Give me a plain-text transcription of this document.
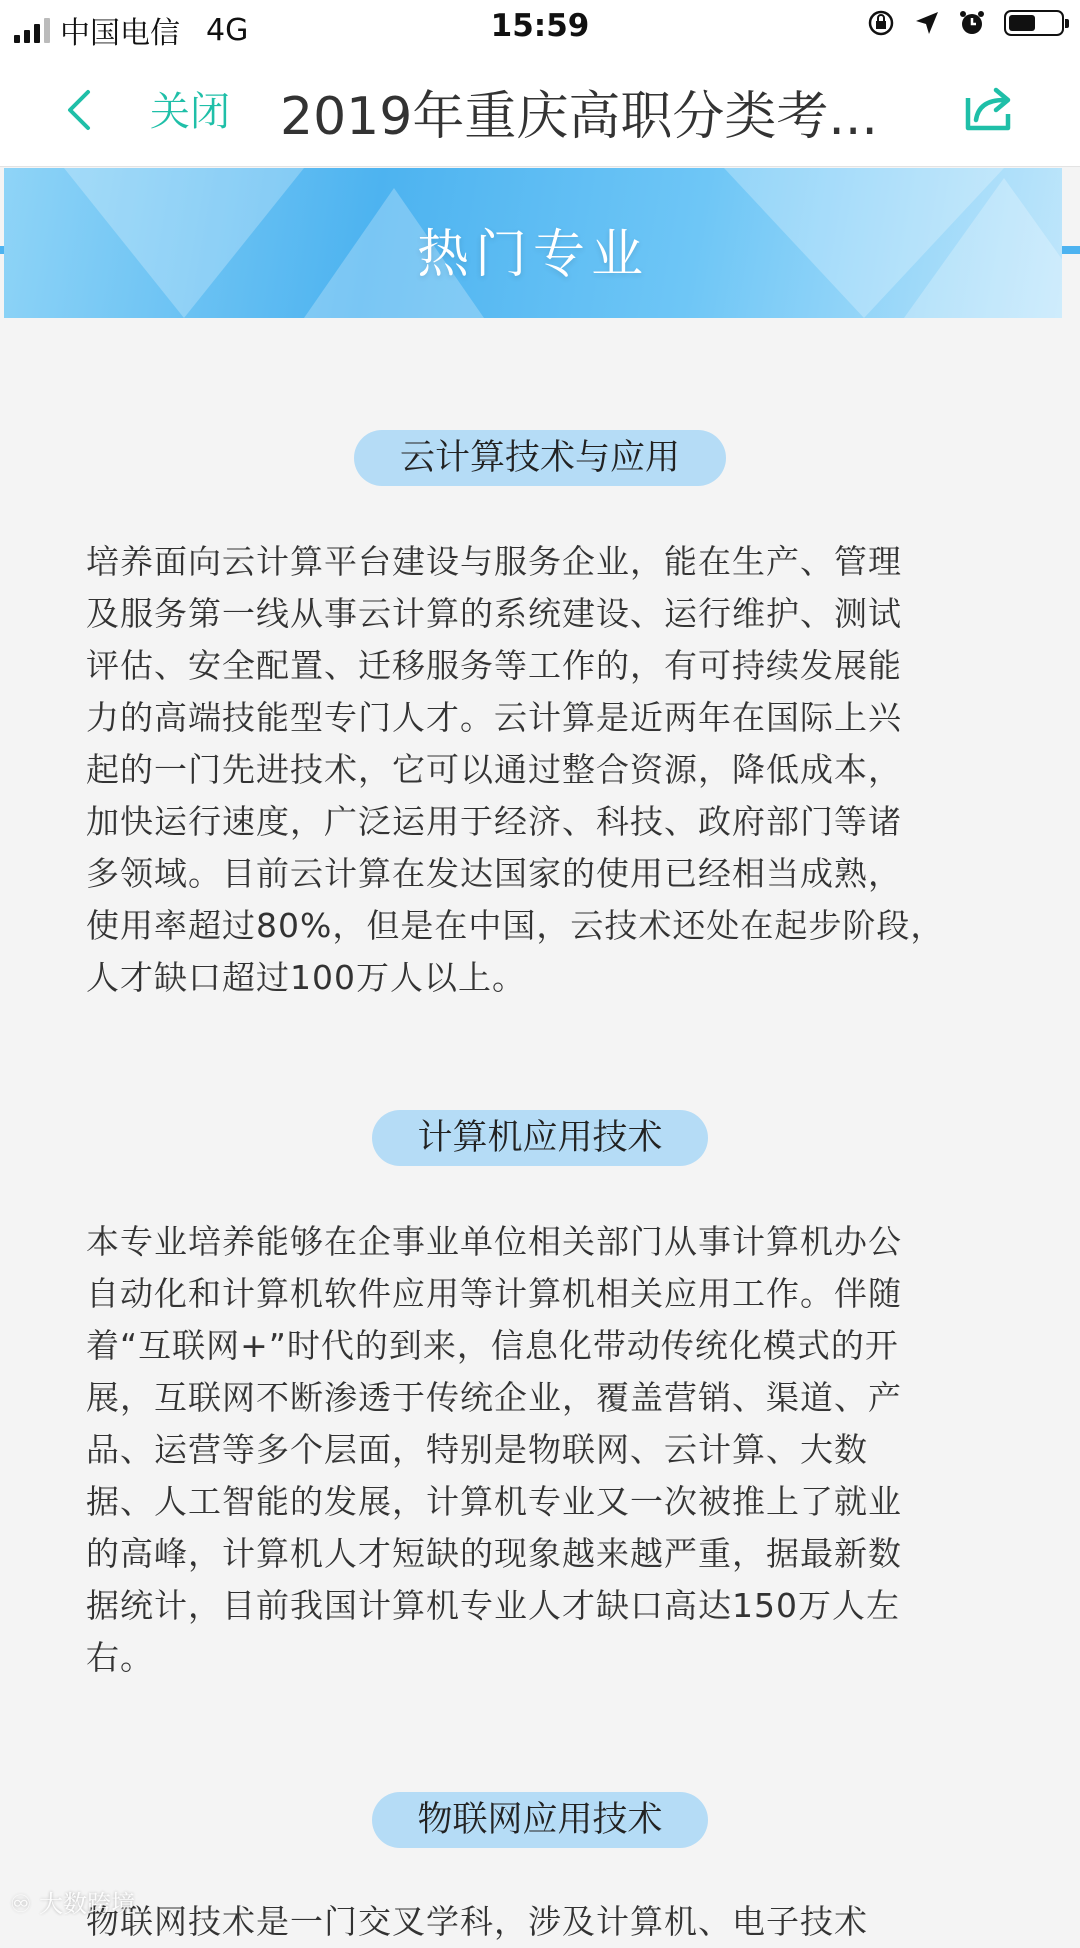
中国电信 4G	15:59
关闭 2019年重庆高职分类考...
热门专业
云计算技术与应用
培养面向云计算平台建设与服务企业，能在生产、管理
及服务第一线从事云计算的系统建设、运行维护、测试
评估、安全配置、迁移服务等工作的，有可持续发展能
力的高端技能型专门人才。云计算是近两年在国际上兴
起的一门先进技术，它可以通过整合资源，降低成本，
加快运行速度，广泛运用于经济、科技、政府部门等诸
多领域。目前云计算在发达国家的使用已经相当成熟，
使用率超过80%，但是在中国，云技术还处在起步阶段，
人才缺口超过100万人以上。
计算机应用技术
本专业培养能够在企事业单位相关部门从事计算机办公
自动化和计算机软件应用等计算机相关应用工作。伴随
着“互联网+”时代的到来，信息化带动传统化模式的开
展，互联网不断渗透于传统企业，覆盖营销、渠道、产
品、运营等多个层面，特别是物联网、云计算、大数
据、人工智能的发展，计算机专业又一次被推上了就业
的高峰，计算机人才短缺的现象越来越严重，据最新数
据统计，目前我国计算机专业人才缺口高达150万人左
右。
物联网应用技术
物联网技术是一门交叉学科，涉及计算机、电子技术
♾ 大数跨境
